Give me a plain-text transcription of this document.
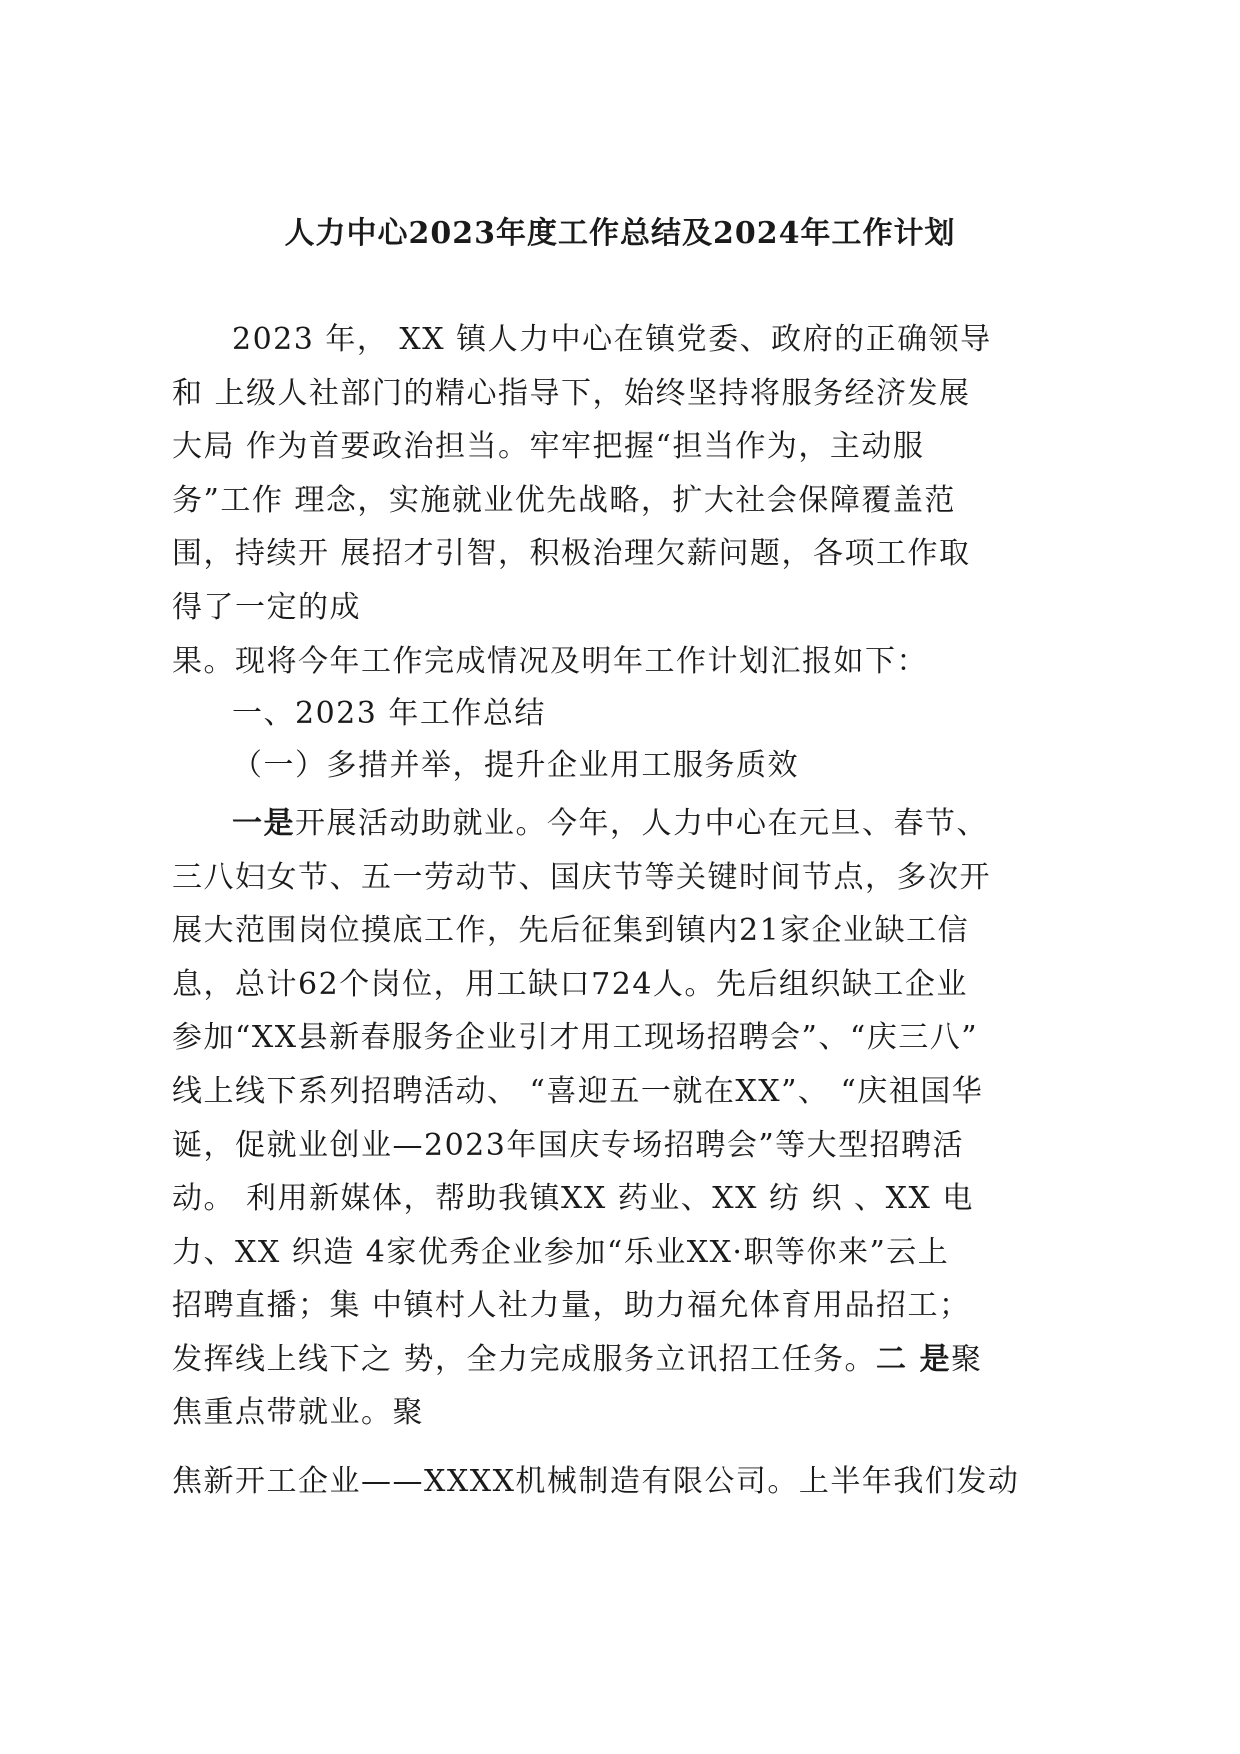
人力中心2023年度工作总结及2024年工作计划
2023 年， XX 镇人力中心在镇党委、政府的正确领导
和 上级人社部门的精心指导下，始终坚持将服务经济发展
大局 作为首要政治担当。牢牢把握“担当作为，主动服
务”工作 理念，实施就业优先战略，扩大社会保障覆盖范
围，持续开 展招才引智，积极治理欠薪问题，各项工作取
得了一定的成
果。现将今年工作完成情况及明年工作计划汇报如下：
一、2023 年工作总结
（一）多措并举，提升企业用工服务质效
一是开展活动助就业。今年，人力中心在元旦、春节、
三八妇女节、五一劳动节、国庆节等关键时间节点，多次开
展大范围岗位摸底工作，先后征集到镇内21家企业缺工信
息，总计62个岗位，用工缺口724人。先后组织缺工企业
参加“XX县新春服务企业引才用工现场招聘会”、“庆三八”
线上线下系列招聘活动、 “喜迎五一就在XX”、 “庆祖国华
诞，促就业创业—2023年国庆专场招聘会”等大型招聘活
动。 利用新媒体，帮助我镇XX 药业、XX 纺 织 、XX 电
力、XX 织造 4家优秀企业参加“乐业XX·职等你来”云上
招聘直播；集 中镇村人社力量，助力福允体育用品招工；
发挥线上线下之 势，全力完成服务立讯招工任务。二 是聚
焦重点带就业。聚
焦新开工企业——XXXX机械制造有限公司。上半年我们发动
